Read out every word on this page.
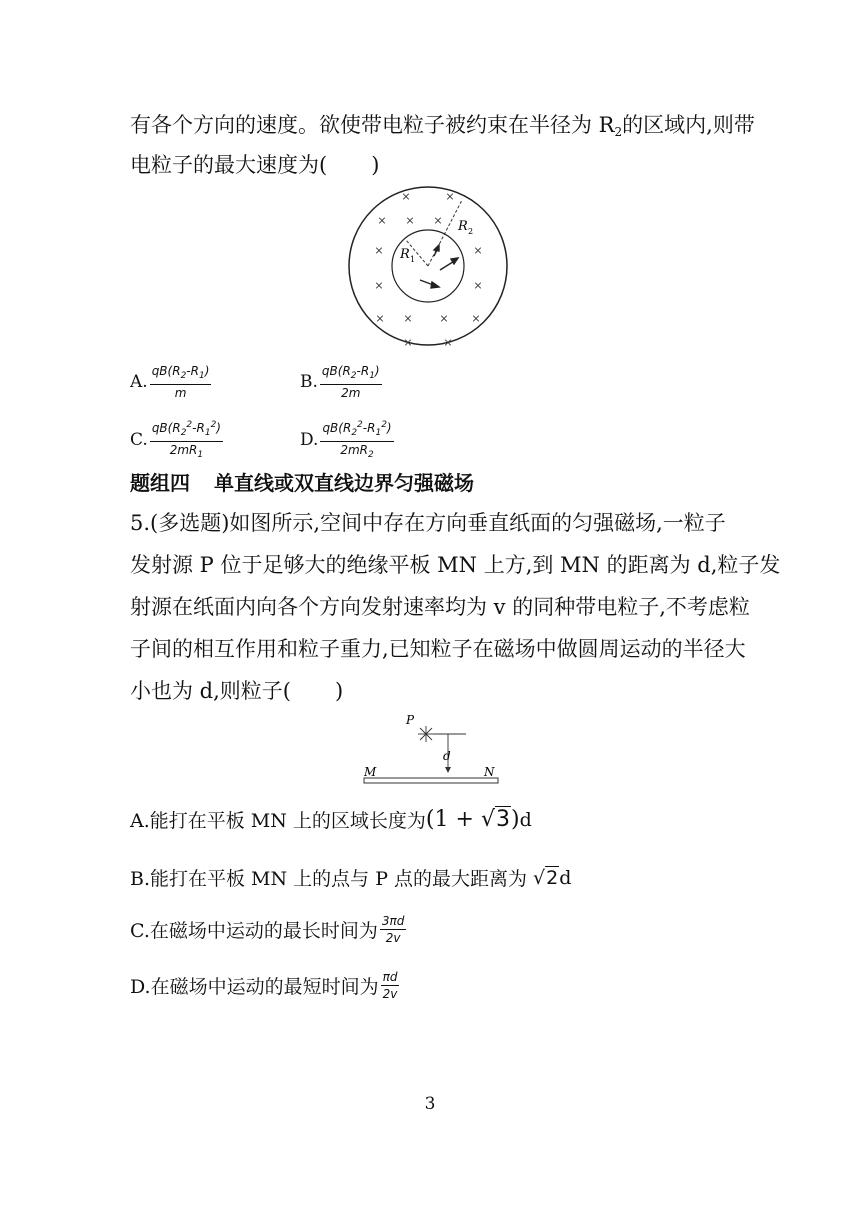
有各个方向的速度。欲使带电粒子被约束在半径为 $R_2$的区域内,则带
电粒子的最大速度为( )
×	×
× × ×
×	×
×	×
× × × ×
×	×
R 1
R 2
A. $\frac{qB(R_2-R_1)}{m}$	B. $\frac{qB(R_2-R_1)}{2m}$
C. $\frac{qB(R_2^2-R_1^2)}{2mR_1}$	D. $\frac{qB(R_2^2-R_1^2)}{2mR_2}$
题组四 单直线或双直线边界匀强磁场
5.(多选题)如图所示,空间中存在方向垂直纸面的匀强磁场,一粒子
发射源 P 位于足够大的绝缘平板 MN 上方,到 MN 的距离为 d,粒子发
射源在纸面内向各个方向发射速率均为 v 的同种带电粒子,不考虑粒
子间的相互作用和粒子重力,已知粒子在磁场中做圆周运动的半径大
小也为 d,则粒子( )
P
d
M	N
A.能打在平板 MN 上的区域长度为 (1 + √3) d
B.能打在平板 MN 上的点与 P 点的最大距离为 √2 d
C.在磁场中运动的最长时间为 $\frac{3\pi d}{2v}$
D.在磁场中运动的最短时间为 $\frac{\pi d}{2v}$
3
